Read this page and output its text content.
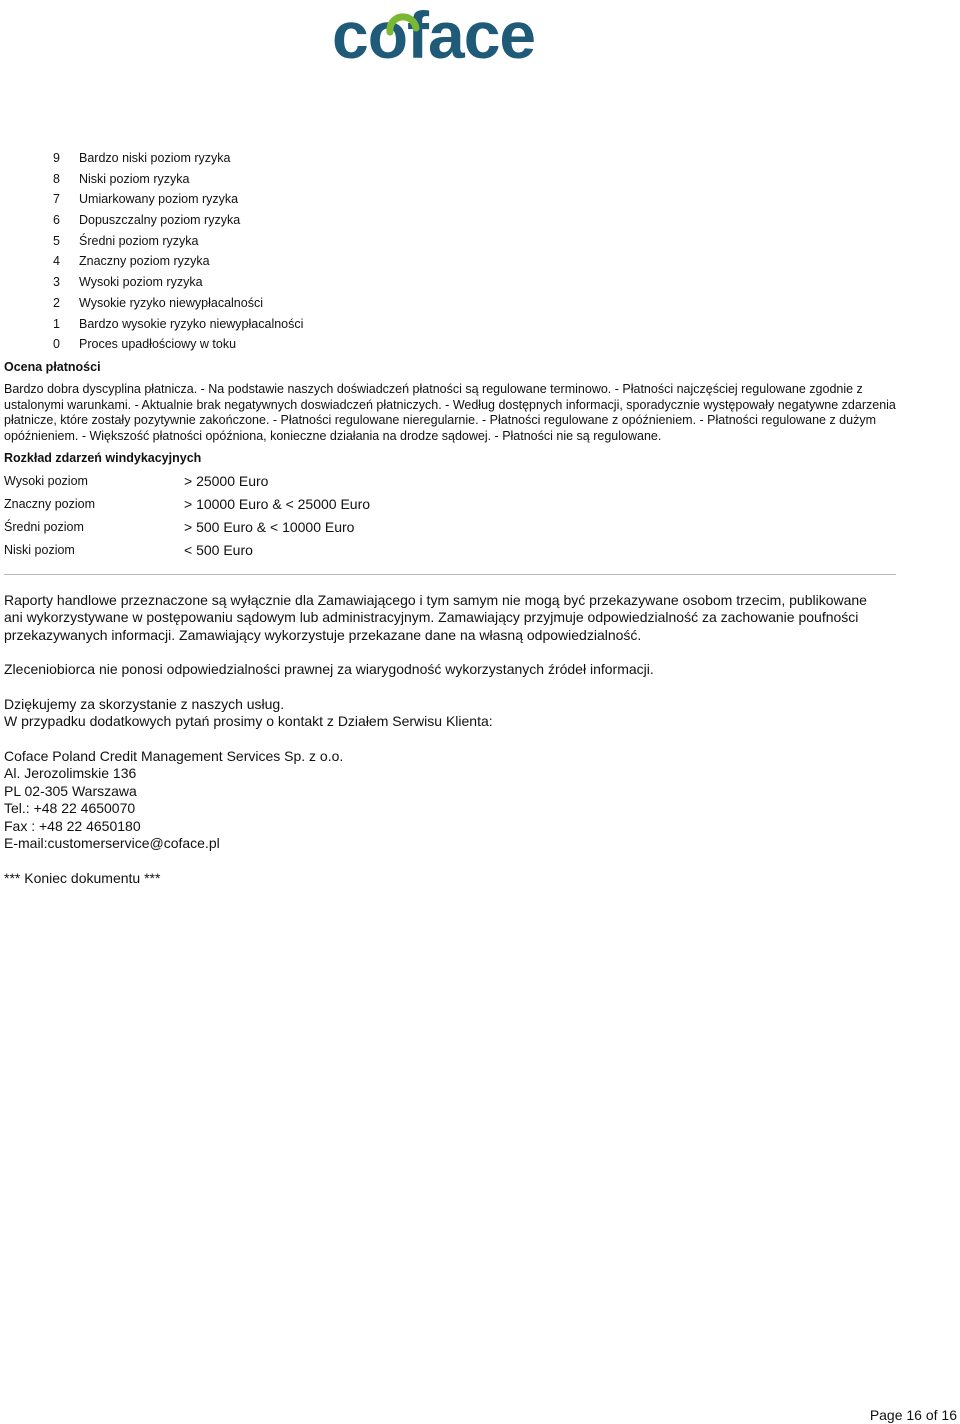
coface
9 Bardzo niski poziom ryzyka
8 Niski poziom ryzyka
7 Umiarkowany poziom ryzyka
6 Dopuszczalny poziom ryzyka
5 Średni poziom ryzyka
4 Znaczny poziom ryzyka
3 Wysoki poziom ryzyka
2 Wysokie ryzyko niewypłacalności
1 Bardzo wysokie ryzyko niewypłacalności
0 Proces upadłościowy w toku
Ocena płatności

Bardzo dobra dyscyplina płatnicza. - Na podstawie naszych doświadczeń płatności są regulowane terminowo. - Płatności najczęściej regulowane zgodnie z ustalonymi warunkami. - Aktualnie brak negatywnych doswiadczeń płatniczych. - Według dostępnych informacji, sporadycznie występowały negatywne zdarzenia płatnicze, które zostały pozytywnie zakończone. - Płatności regulowane nieregularnie. - Płatności regulowane z opóźnieniem. - Płatności regulowane z dużym opóźnieniem. - Większość płatności opóźniona, konieczne działania na drodze sądowej. - Płatności nie są regulowane.

Rozkład zdarzeń windykacyjnych
Wysoki poziom	> 25000 Euro
Znaczny poziom	> 10000 Euro & < 25000 Euro
Średni poziom	> 500 Euro & < 10000 Euro
Niski poziom	< 500 Euro

Raporty handlowe przeznaczone są wyłącznie dla Zamawiającego i tym samym nie mogą być przekazywane osobom trzecim, publikowane ani wykorzystywane w postępowaniu sądowym lub administracyjnym. Zamawiający przyjmuje odpowiedzialność za zachowanie poufności przekazywanych informacji. Zamawiający wykorzystuje przekazane dane na własną odpowiedzialność.

Zleceniobiorca nie ponosi odpowiedzialności prawnej za wiarygodność wykorzystanych źródeł informacji.

Dziękujemy za skorzystanie z naszych usług.
W przypadku dodatkowych pytań prosimy o kontakt z Działem Serwisu Klienta:
Coface Poland Credit Management Services Sp. z o.o.
Al. Jerozolimskie 136
PL 02-305 Warszawa
Tel.: +48 22 4650070
Fax : +48 22 4650180
E-mail:customerservice@coface.pl

*** Koniec dokumentu ***

Page 16 of 16
